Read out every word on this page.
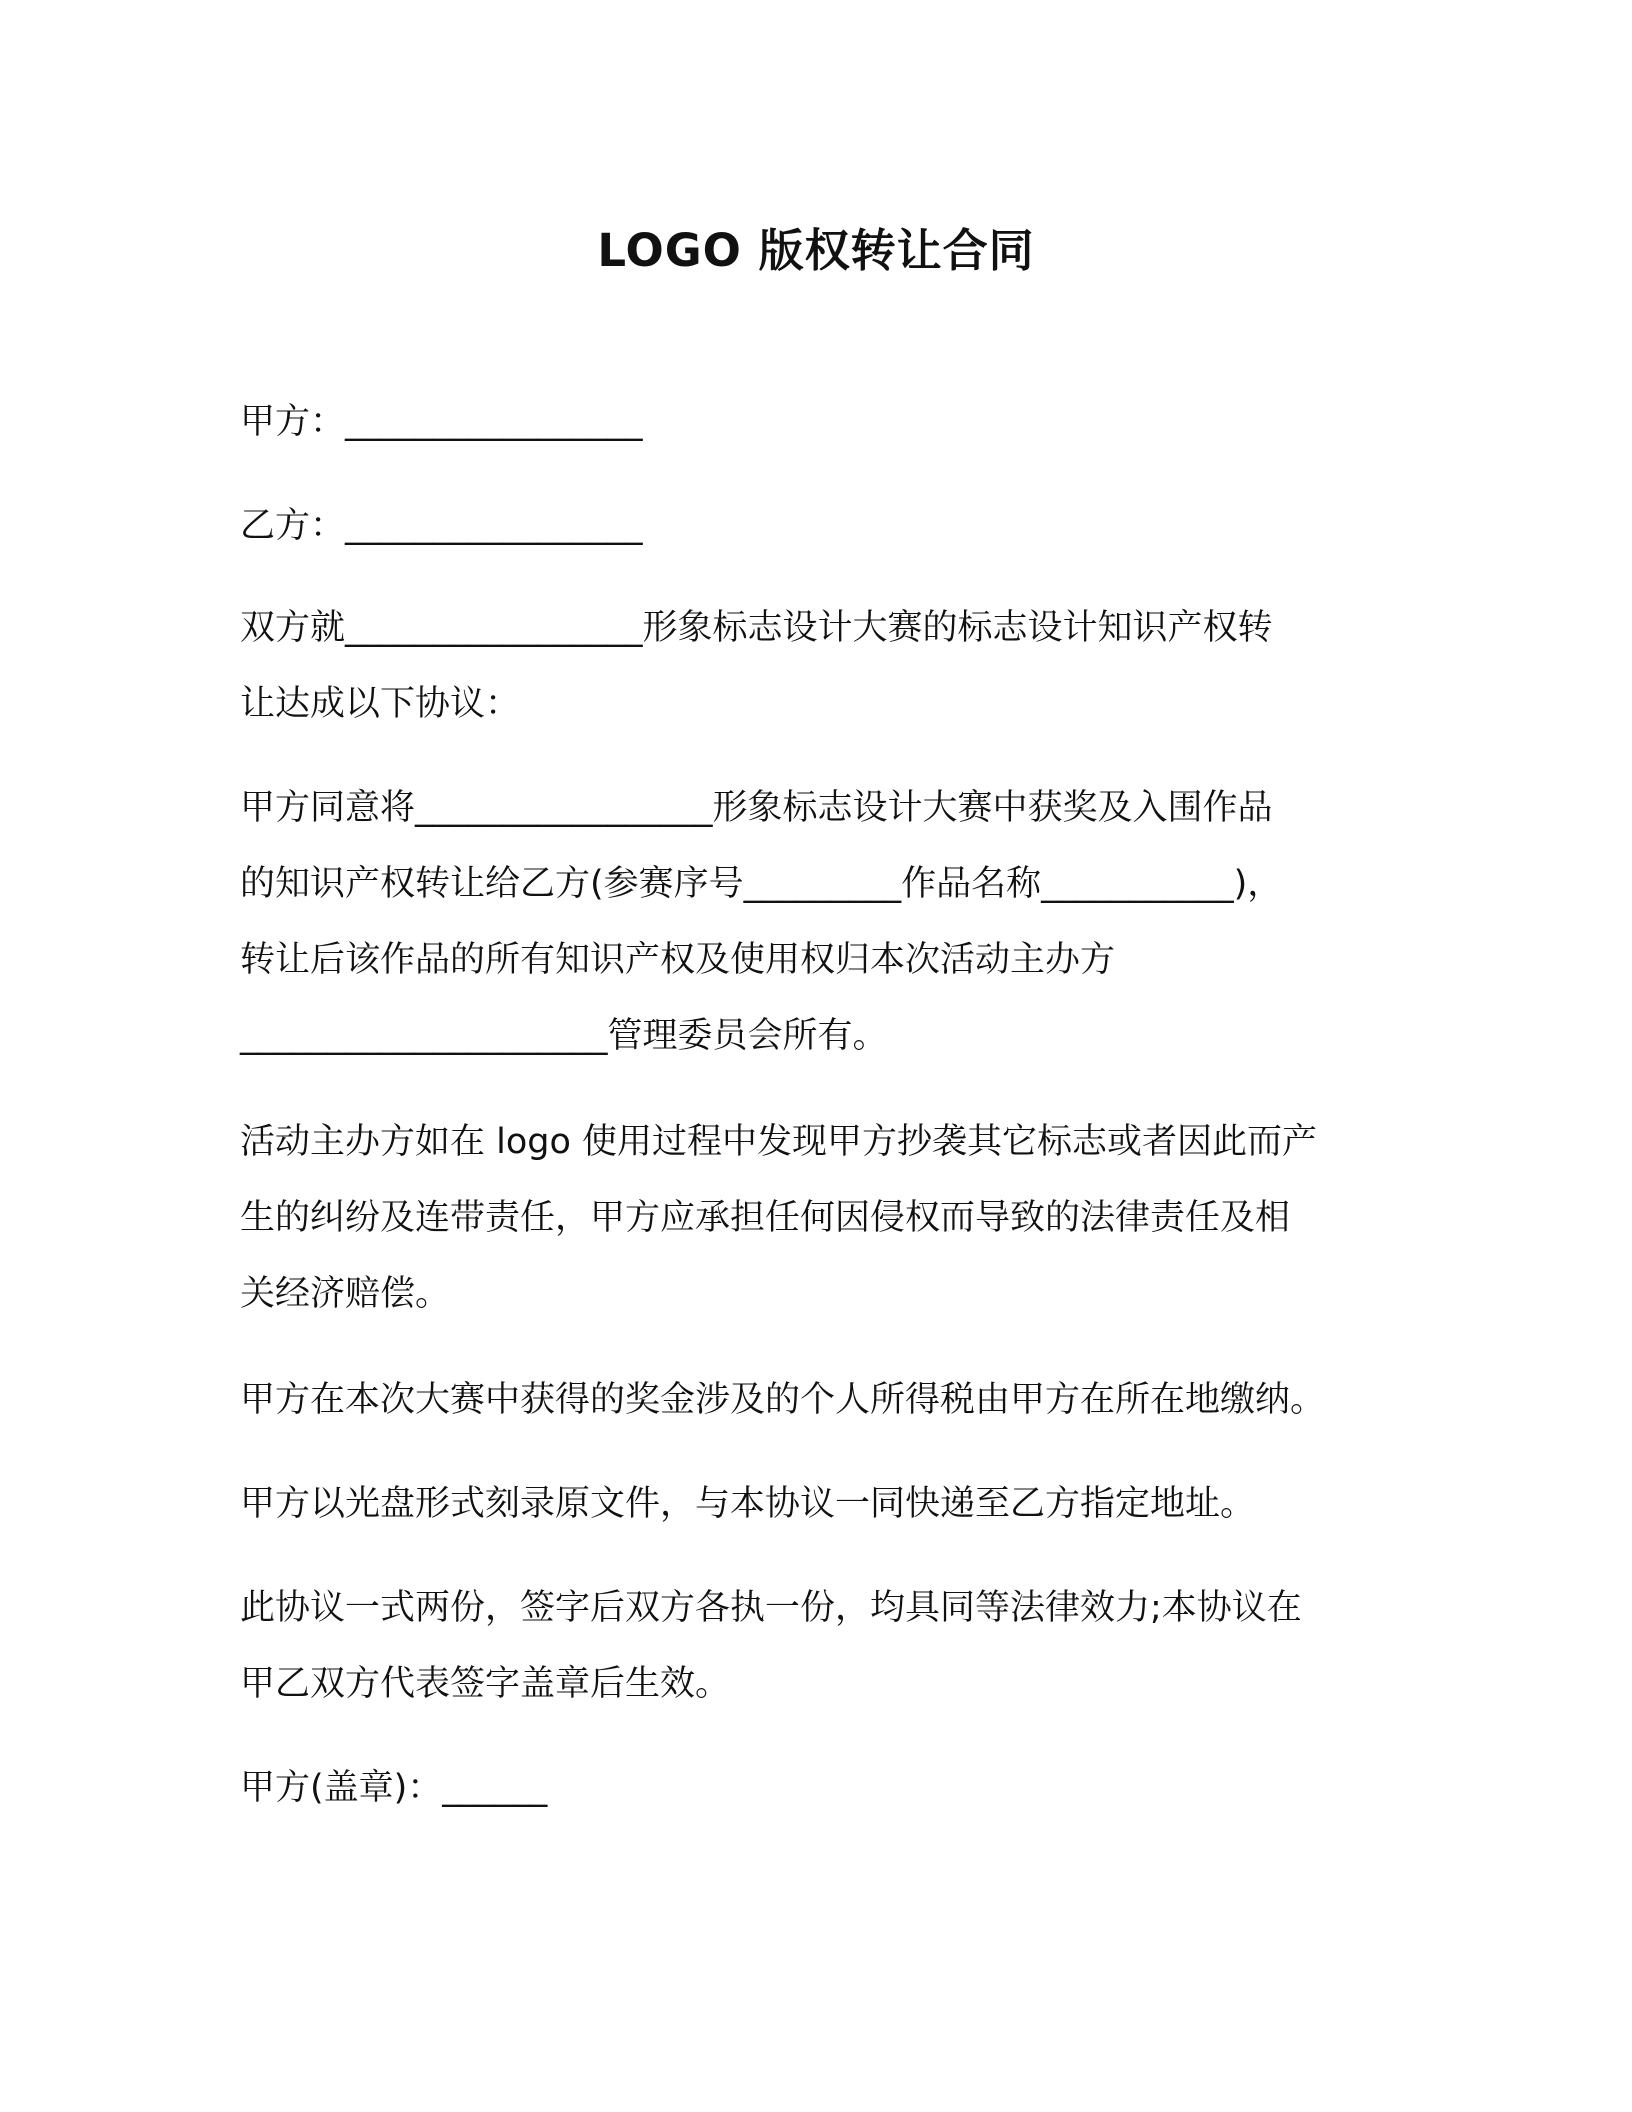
LOGO 版权转让合同

甲方：_________________

乙方：_________________

双方就_________________形象标志设计大赛的标志设计知识产权转
让达成以下协议：

甲方同意将_________________形象标志设计大赛中获奖及入围作品
的知识产权转让给乙方(参赛序号_________作品名称___________)，
转让后该作品的所有知识产权及使用权归本次活动主办方
_____________________管理委员会所有。

活动主办方如在 logo 使用过程中发现甲方抄袭其它标志或者因此而产
生的纠纷及连带责任，甲方应承担任何因侵权而导致的法律责任及相
关经济赔偿。

甲方在本次大赛中获得的奖金涉及的个人所得税由甲方在所在地缴纳。

甲方以光盘形式刻录原文件，与本协议一同快递至乙方指定地址。

此协议一式两份，签字后双方各执一份，均具同等法律效力;本协议在
甲乙双方代表签字盖章后生效。

甲方(盖章)：______
